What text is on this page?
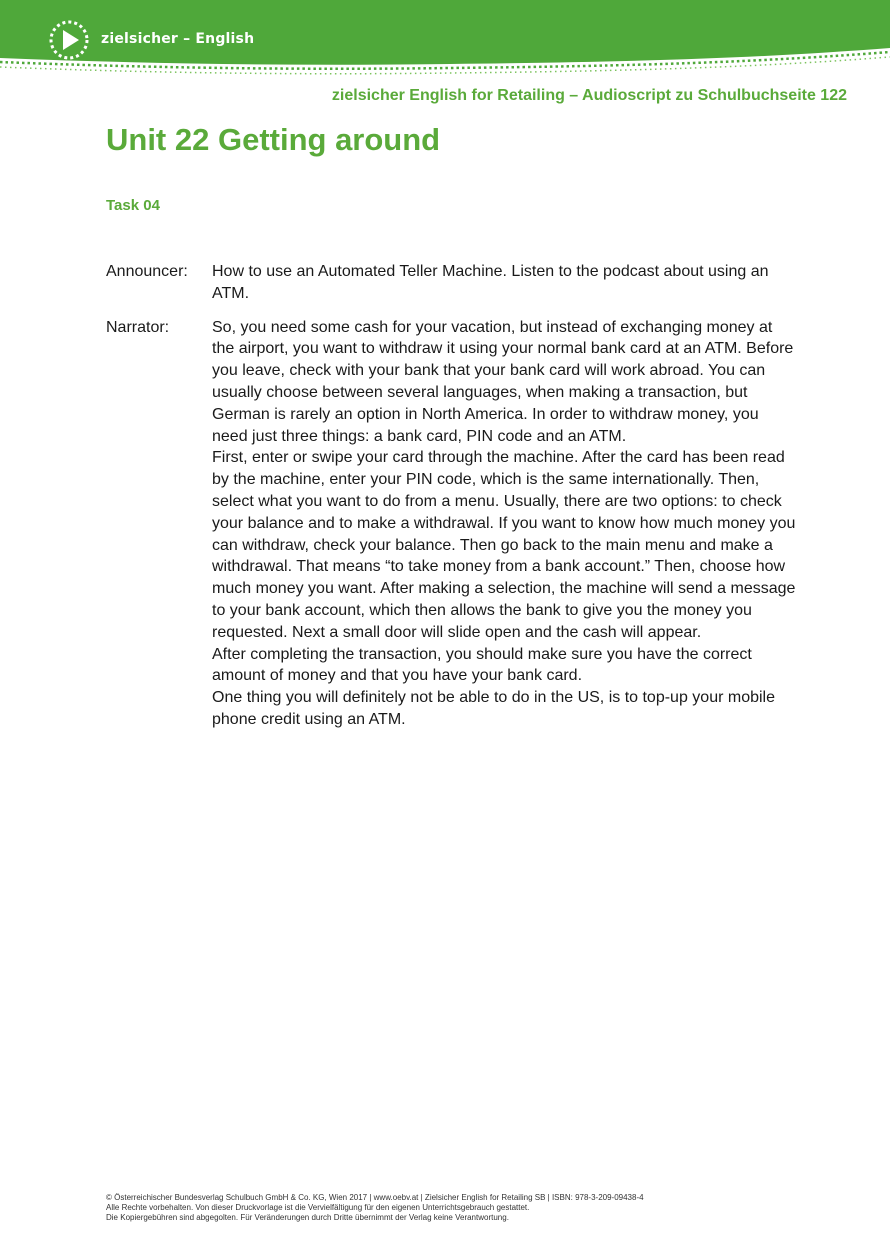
zielsicher – English
zielsicher English for Retailing – Audioscript zu Schulbuchseite 122
Unit 22 Getting around
Task 04
Announcer:	How to use an Automated Teller Machine. Listen to the podcast about using an ATM.

Narrator:	So, you need some cash for your vacation, but instead of exchanging money at the airport, you want to withdraw it using your normal bank card at an ATM. Before you leave, check with your bank that your bank card will work abroad. You can usually choose between several languages, when making a transaction, but German is rarely an option in North America. In order to withdraw money, you need just three things: a bank card, PIN code and an ATM.

First, enter or swipe your card through the machine. After the card has been read by the machine, enter your PIN code, which is the same internationally. Then, select what you want to do from a menu. Usually, there are two options: to check your balance and to make a withdrawal. If you want to know how much money you can withdraw, check your balance. Then go back to the main menu and make a withdrawal. That means “to take money from a bank account.” Then, choose how much money you want. After making a selection, the machine will send a message to your bank account, which then allows the bank to give you the money you requested. Next a small door will slide open and the cash will appear.

After completing the transaction, you should make sure you have the correct amount of money and that you have your bank card.

One thing you will definitely not be able to do in the US, is to top-up your mobile phone credit using an ATM.

© Österreichischer Bundesverlag Schulbuch GmbH & Co. KG, Wien 2017 | www.oebv.at | Zielsicher English for Retailing SB | ISBN: 978-3-209-09438-4
Alle Rechte vorbehalten. Von dieser Druckvorlage ist die Vervielfältigung für den eigenen Unterrichtsgebrauch gestattet.
Die Kopiergebühren sind abgegolten. Für Veränderungen durch Dritte übernimmt der Verlag keine Verantwortung.
